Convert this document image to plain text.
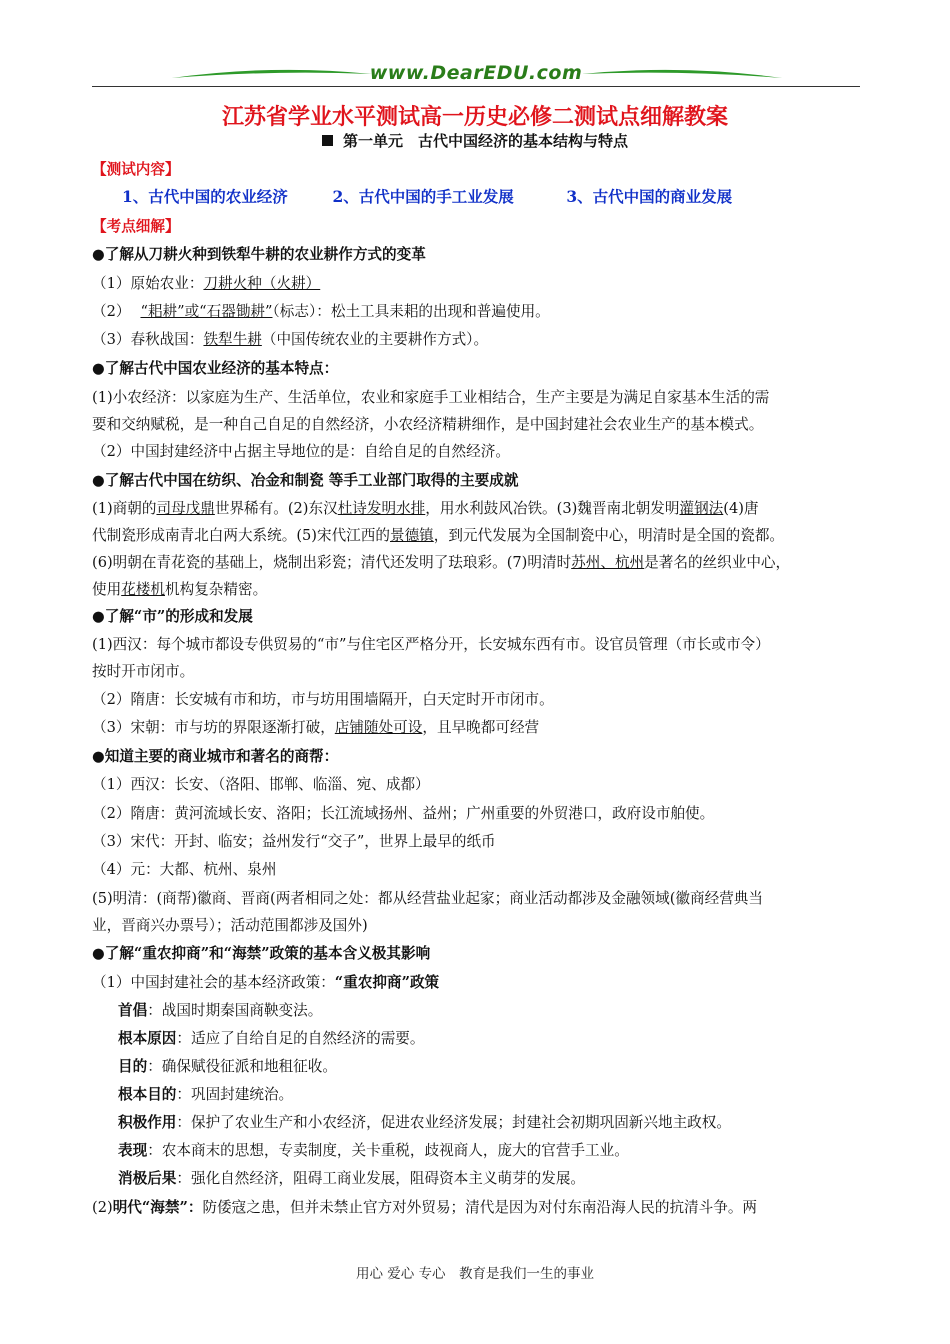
www.DearEDU.com
江苏省学业水平测试高一历史必修二测试点细解教案
第一单元　古代中国经济的基本结构与特点
【测试内容】
1、古代中国的农业经济	2、古代中国的手工业发展	3、古代中国的商业发展
【考点细解】
●了解从刀耕火种到铁犁牛耕的农业耕作方式的变革
（1）原始农业：刀耕火种（火耕）
（2） “耜耕”或“石器锄耕”（标志）：松土工具耒耜的出现和普遍使用。
（3）春秋战国：铁犁牛耕（中国传统农业的主要耕作方式）。
●了解古代中国农业经济的基本特点：
(1)小农经济：以家庭为生产、生活单位，农业和家庭手工业相结合，生产主要是为满足自家基本生活的需
要和交纳赋税，是一种自己自足的自然经济，小农经济精耕细作，是中国封建社会农业生产的基本模式。
（2）中国封建经济中占据主导地位的是：自给自足的自然经济。
●了解古代中国在纺织、冶金和制瓷 等手工业部门取得的主要成就
(1)商朝的司母戊鼎世界稀有。(2)东汉杜诗发明水排，用水利鼓风冶铁。(3)魏晋南北朝发明灌钢法(4)唐
代制瓷形成南青北白两大系统。(5)宋代江西的景德镇，到元代发展为全国制瓷中心，明清时是全国的瓷都。
(6)明朝在青花瓷的基础上，烧制出彩瓷；清代还发明了珐琅彩。(7)明清时苏州、杭州是著名的丝织业中心，
使用花楼机机构复杂精密。
●了解“市”的形成和发展
(1)西汉：每个城市都设专供贸易的“市”与住宅区严格分开，长安城东西有市。设官员管理（市长或市令）
按时开市闭市。
（2）隋唐：长安城有市和坊，市与坊用围墙隔开，白天定时开市闭市。
（3）宋朝：市与坊的界限逐渐打破，店铺随处可设，且早晚都可经营
●知道主要的商业城市和著名的商帮：
（1）西汉：长安、（洛阳、邯郸、临淄、宛、成都）
（2）隋唐：黄河流域长安、洛阳；长江流域扬州、益州；广州重要的外贸港口，政府设市舶使。
（3）宋代：开封、临安；益州发行“交子”，世界上最早的纸币
（4）元：大都、杭州、泉州
(5)明清：(商帮)徽商、晋商(两者相同之处：都从经营盐业起家；商业活动都涉及金融领域(徽商经营典当
业，晋商兴办票号）；活动范围都涉及国外)
●了解“重农抑商”和“海禁”政策的基本含义极其影响
（1）中国封建社会的基本经济政策：“重农抑商”政策
首倡：战国时期秦国商鞅变法。
根本原因：适应了自给自足的自然经济的需要。
目的：确保赋役征派和地租征收。
根本目的：巩固封建统治。
积极作用：保护了农业生产和小农经济，促进农业经济发展；封建社会初期巩固新兴地主政权。
表现：农本商末的思想，专卖制度，关卡重税，歧视商人，庞大的官营手工业。
消极后果：强化自然经济，阻碍工商业发展，阻碍资本主义萌芽的发展。
(2)明代“海禁”：防倭寇之患，但并未禁止官方对外贸易；清代是因为对付东南沿海人民的抗清斗争。两
用心 爱心 专心　教育是我们一生的事业
